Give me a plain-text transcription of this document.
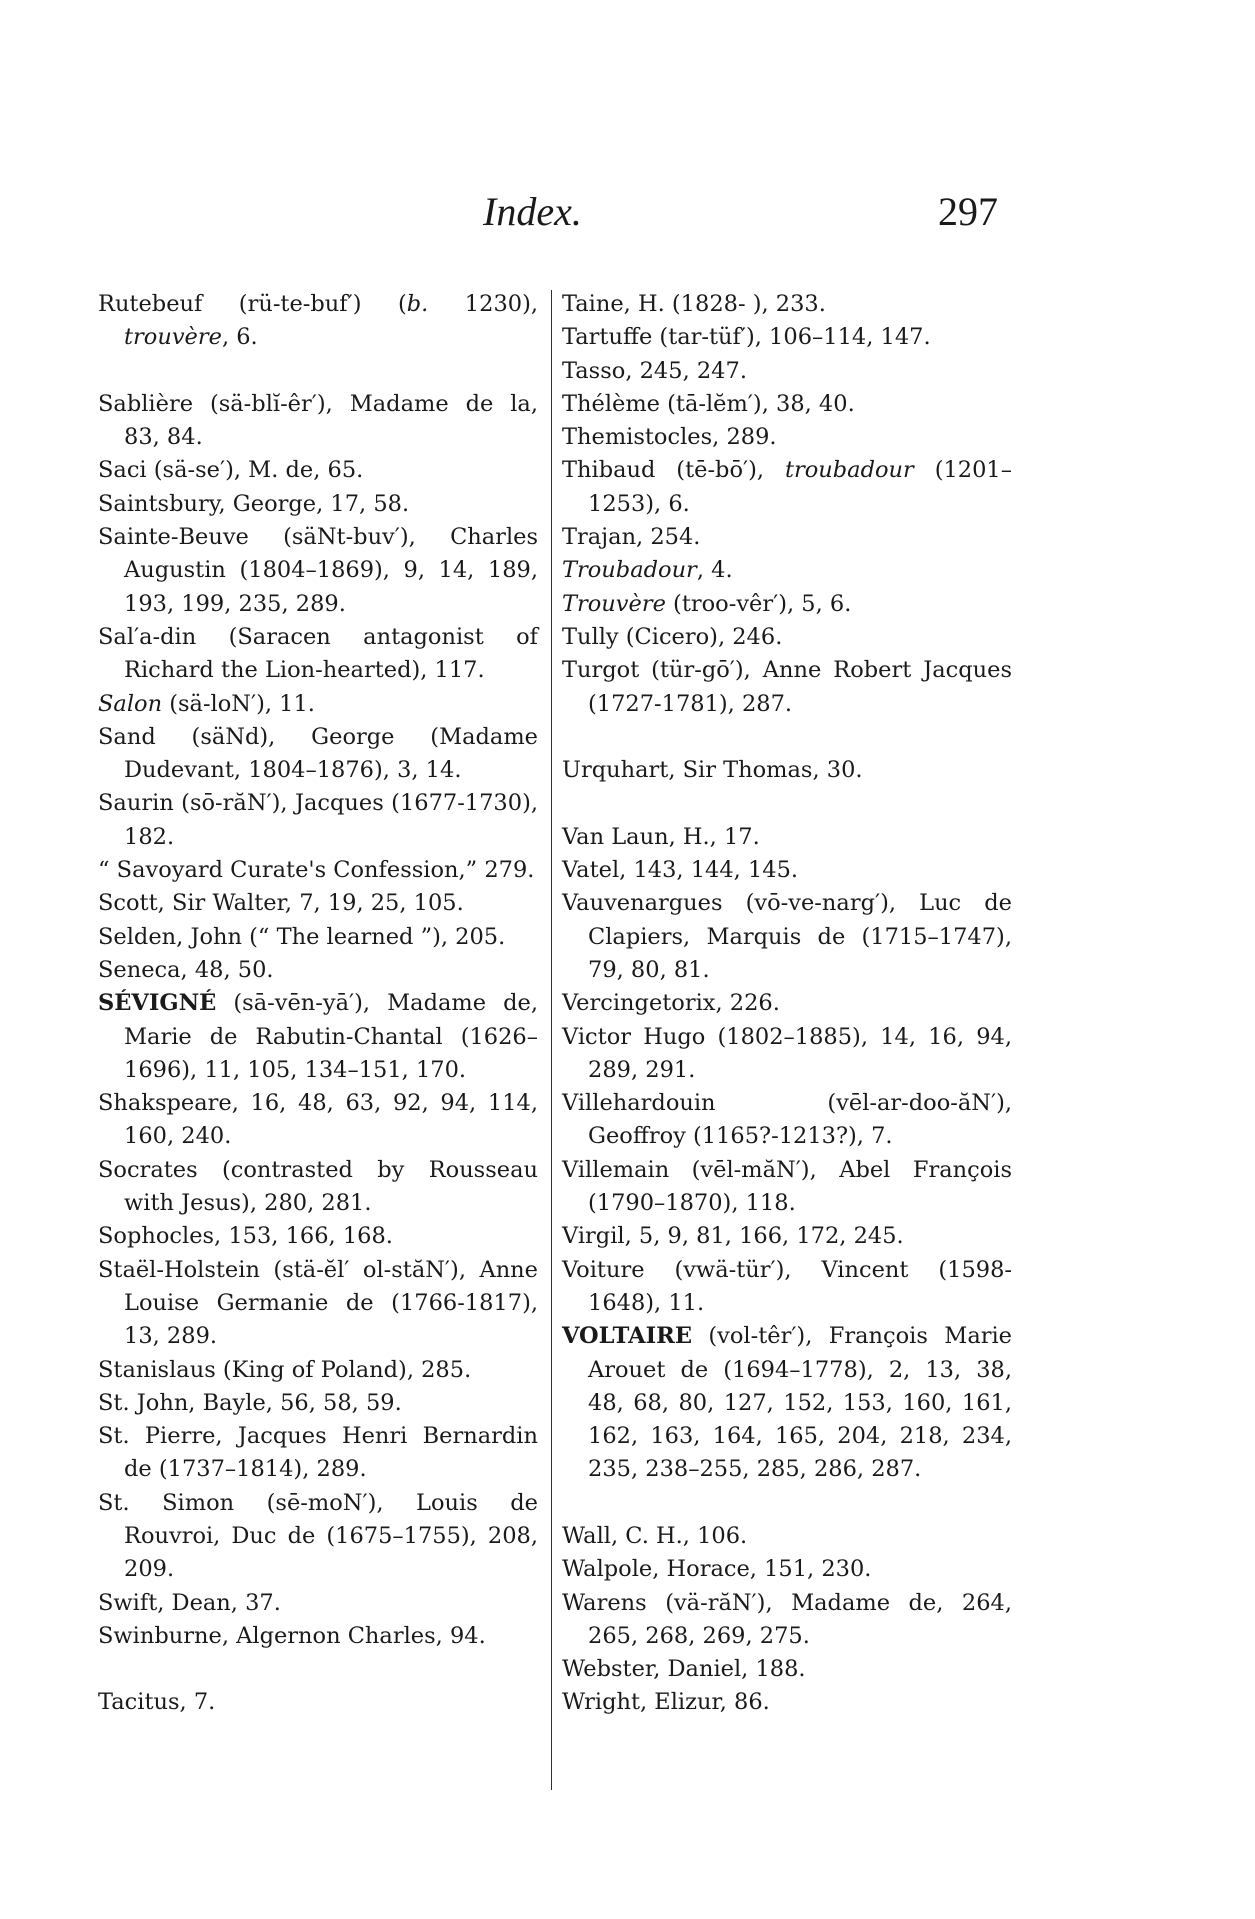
Index.	297

Rutebeuf (rü-te-buf′) (b. 1230), trouvère, 6.

Sablière (sä-blĭ-êr′), Madame de la, 83, 84.

Saci (sä-se′), M. de, 65.

Saintsbury, George, 17, 58.

Sainte-Beuve (säNt-buv′), Charles Augustin (1804–1869), 9, 14, 189, 193, 199, 235, 289.

Sal′a-din (Saracen antagonist of Richard the Lion-hearted), 117.

Salon (sä-loN′), 11.

Sand (säNd), George (Madame Dudevant, 1804–1876), 3, 14.

Saurin (sō-răN′), Jacques (1677-1730), 182.

“ Savoyard Curate's Confession,” 279.

Scott, Sir Walter, 7, 19, 25, 105.

Selden, John (“ The learned ”), 205.

Seneca, 48, 50.

SÉVIGNÉ (sā-vēn-yā′), Madame de, Marie de Rabutin-Chantal (1626–1696), 11, 105, 134–151, 170.

Shakspeare, 16, 48, 63, 92, 94, 114, 160, 240.

Socrates (contrasted by Rousseau with Jesus), 280, 281.

Sophocles, 153, 166, 168.

Staël-Holstein (stä-ĕl′ ol-stăN′), Anne Louise Germanie de (1766-1817), 13, 289.

Stanislaus (King of Poland), 285.

St. John, Bayle, 56, 58, 59.

St. Pierre, Jacques Henri Bernardin de (1737–1814), 289.

St. Simon (sē-moN′), Louis de Rouvroi, Duc de (1675–1755), 208, 209.

Swift, Dean, 37.

Swinburne, Algernon Charles, 94.

Tacitus, 7.

Taine, H. (1828- ), 233.

Tartuffe (tar-tüf′), 106–114, 147.

Tasso, 245, 247.

Thélème (tā-lĕm′), 38, 40.

Themistocles, 289.

Thibaud (tē-bō′), troubadour (1201–1253), 6.

Trajan, 254.

Troubadour, 4.

Trouvère (troo-vêr′), 5, 6.

Tully (Cicero), 246.

Turgot (tür-gō′), Anne Robert Jacques (1727-1781), 287.

Urquhart, Sir Thomas, 30.

Van Laun, H., 17.

Vatel, 143, 144, 145.

Vauvenargues (vō-ve-narg′), Luc de Clapiers, Marquis de (1715–1747), 79, 80, 81.

Vercingetorix, 226.

Victor Hugo (1802–1885), 14, 16, 94, 289, 291.

Villehardouin (vēl-ar-doo-ăN′), Geoffroy (1165?-1213?), 7.

Villemain (vēl-măN′), Abel François (1790–1870), 118.

Virgil, 5, 9, 81, 166, 172, 245.

Voiture (vwä-tür′), Vincent (1598-1648), 11.

VOLTAIRE (vol-têr′), François Marie Arouet de (1694–1778), 2, 13, 38, 48, 68, 80, 127, 152, 153, 160, 161, 162, 163, 164, 165, 204, 218, 234, 235, 238–255, 285, 286, 287.

Wall, C. H., 106.

Walpole, Horace, 151, 230.

Warens (vä-răN′), Madame de, 264, 265, 268, 269, 275.

Webster, Daniel, 188.

Wright, Elizur, 86.
